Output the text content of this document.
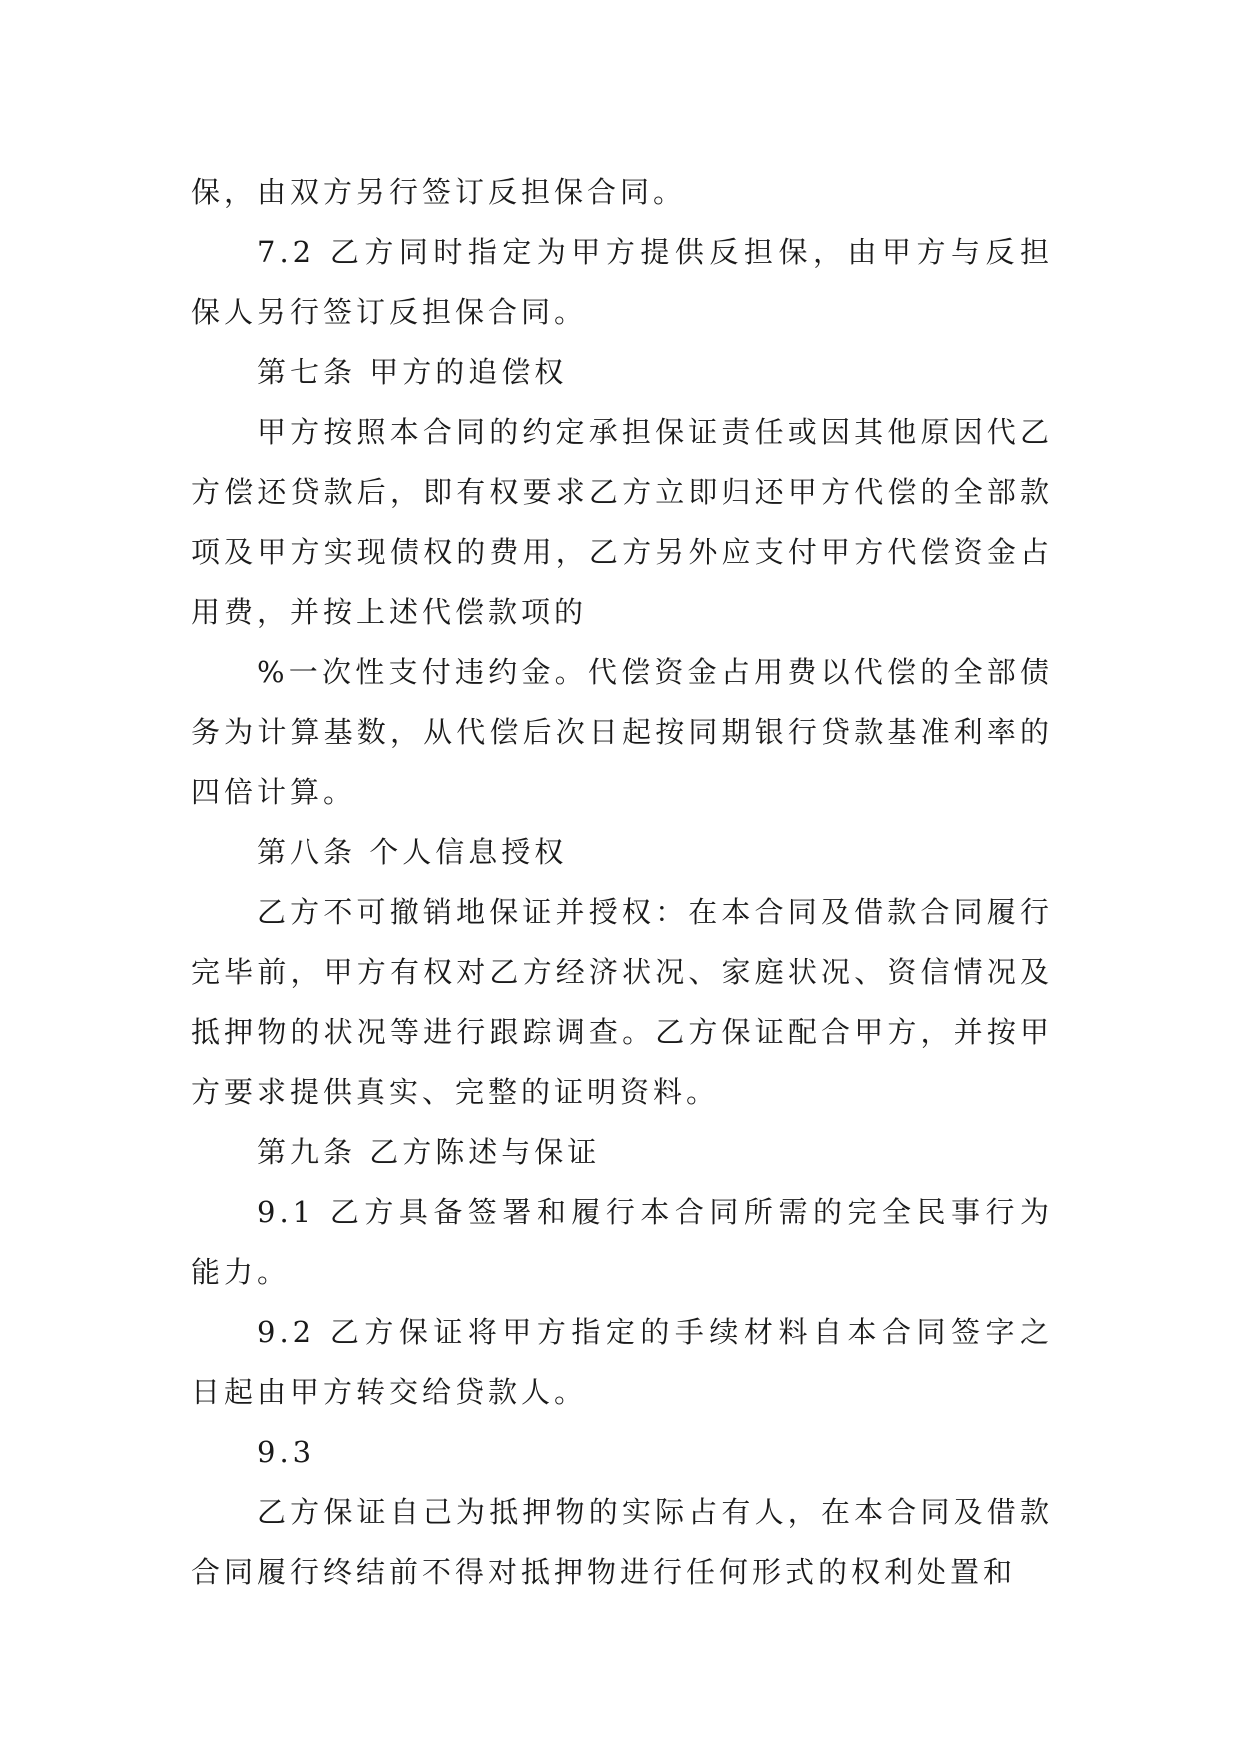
保，由双方另行签订反担保合同。

7.2 乙方同时指定为甲方提供反担保，由甲方与反担保人另行签订反担保合同。

第七条 甲方的追偿权

甲方按照本合同的约定承担保证责任或因其他原因代乙方偿还贷款后，即有权要求乙方立即归还甲方代偿的全部款项及甲方实现债权的费用，乙方另外应支付甲方代偿资金占用费，并按上述代偿款项的

%一次性支付违约金。代偿资金占用费以代偿的全部债务为计算基数，从代偿后次日起按同期银行贷款基准利率的四倍计算。

第八条 个人信息授权

乙方不可撤销地保证并授权：在本合同及借款合同履行完毕前，甲方有权对乙方经济状况、家庭状况、资信情况及抵押物的状况等进行跟踪调查。乙方保证配合甲方，并按甲方要求提供真实、完整的证明资料。

第九条 乙方陈述与保证

9.1 乙方具备签署和履行本合同所需的完全民事行为能力。

9.2 乙方保证将甲方指定的手续材料自本合同签字之日起由甲方转交给贷款人。

9.3

乙方保证自己为抵押物的实际占有人，在本合同及借款合同履行终结前不得对抵押物进行任何形式的权利处置和
